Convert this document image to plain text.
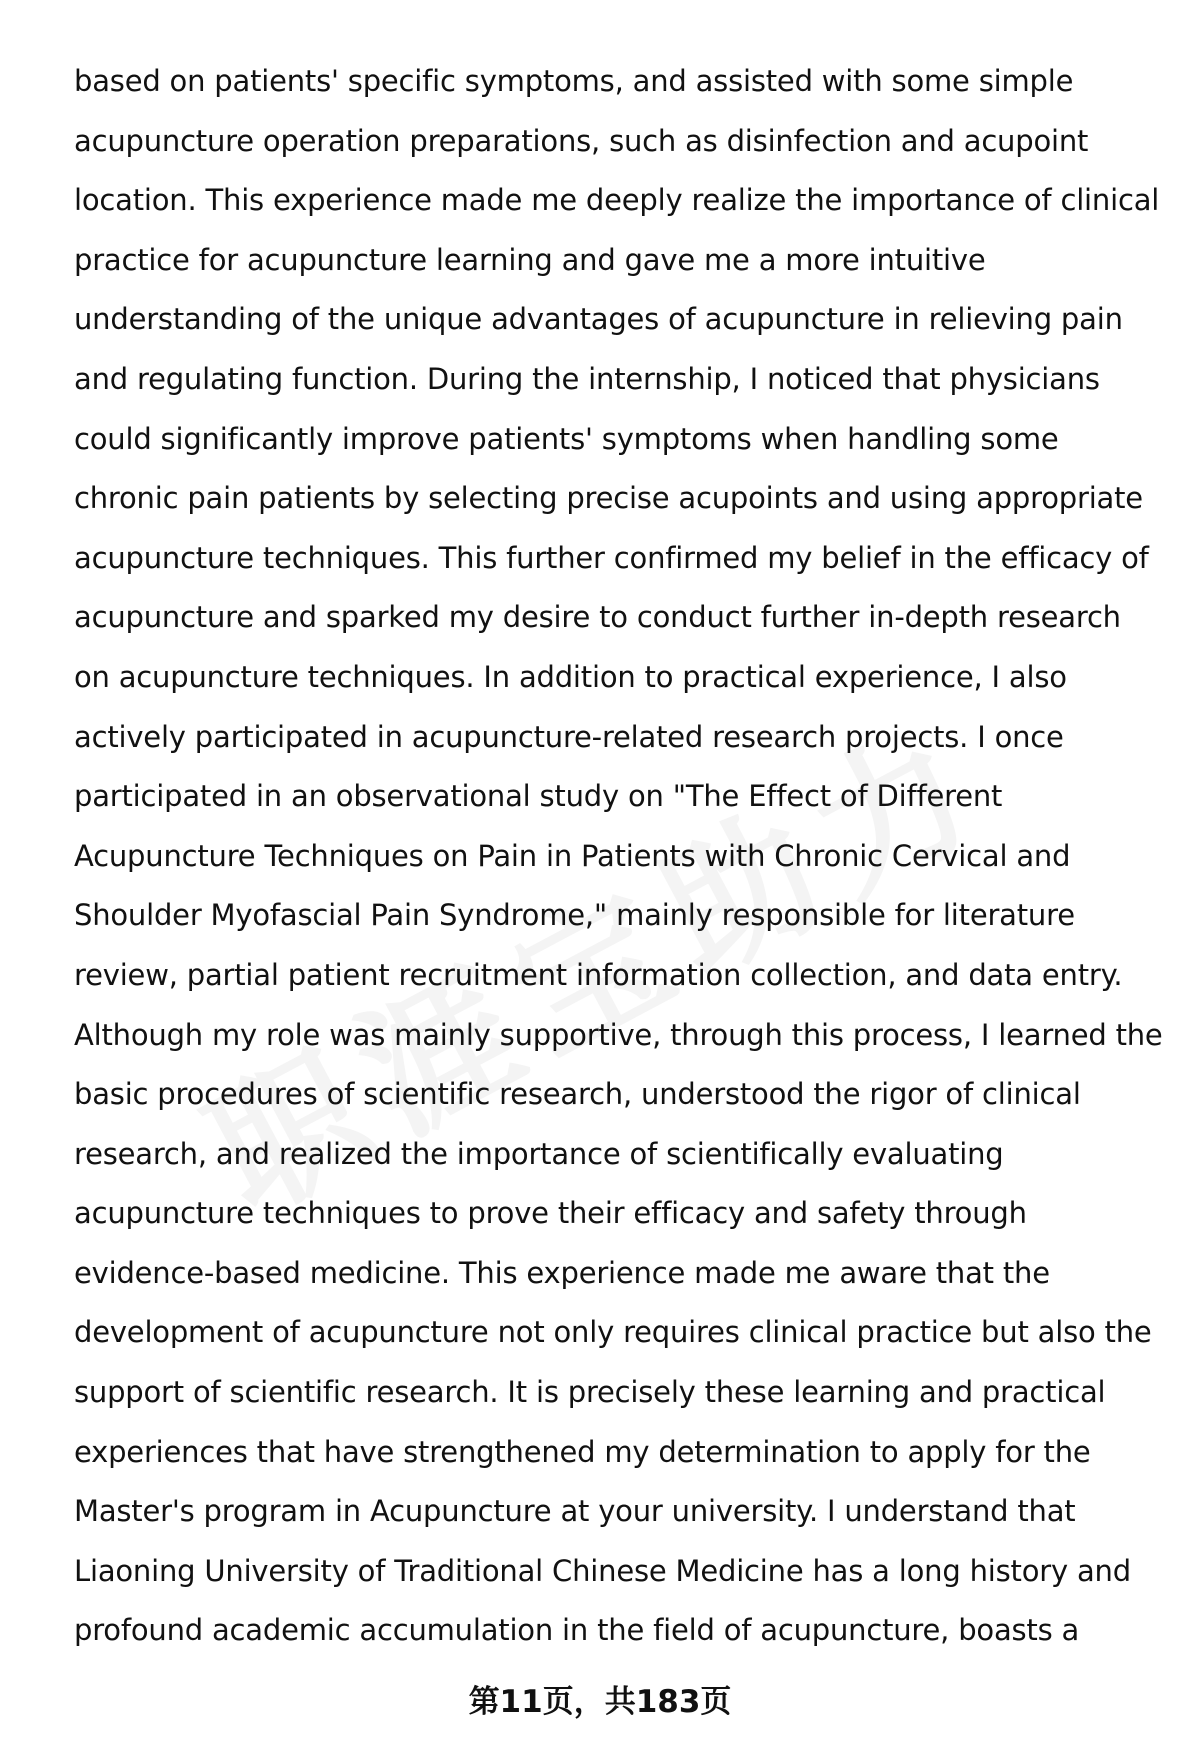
based on patients' specific symptoms, and assisted with some simple
acupuncture operation preparations, such as disinfection and acupoint
location. This experience made me deeply realize the importance of clinical
practice for acupuncture learning and gave me a more intuitive
understanding of the unique advantages of acupuncture in relieving pain
and regulating function. During the internship, I noticed that physicians
could significantly improve patients' symptoms when handling some
chronic pain patients by selecting precise acupoints and using appropriate
acupuncture techniques. This further confirmed my belief in the efficacy of
acupuncture and sparked my desire to conduct further in-depth research
on acupuncture techniques. In addition to practical experience, I also
actively participated in acupuncture-related research projects. I once
participated in an observational study on "The Effect of Different
Acupuncture Techniques on Pain in Patients with Chronic Cervical and
Shoulder Myofascial Pain Syndrome," mainly responsible for literature
review, partial patient recruitment information collection, and data entry.
Although my role was mainly supportive, through this process, I learned the
basic procedures of scientific research, understood the rigor of clinical
research, and realized the importance of scientifically evaluating
acupuncture techniques to prove their efficacy and safety through
evidence-based medicine. This experience made me aware that the
development of acupuncture not only requires clinical practice but also the
support of scientific research. It is precisely these learning and practical
experiences that have strengthened my determination to apply for the
Master's program in Acupuncture at your university. I understand that
Liaoning University of Traditional Chinese Medicine has a long history and
profound academic accumulation in the field of acupuncture, boasts a
第11页，共183页
